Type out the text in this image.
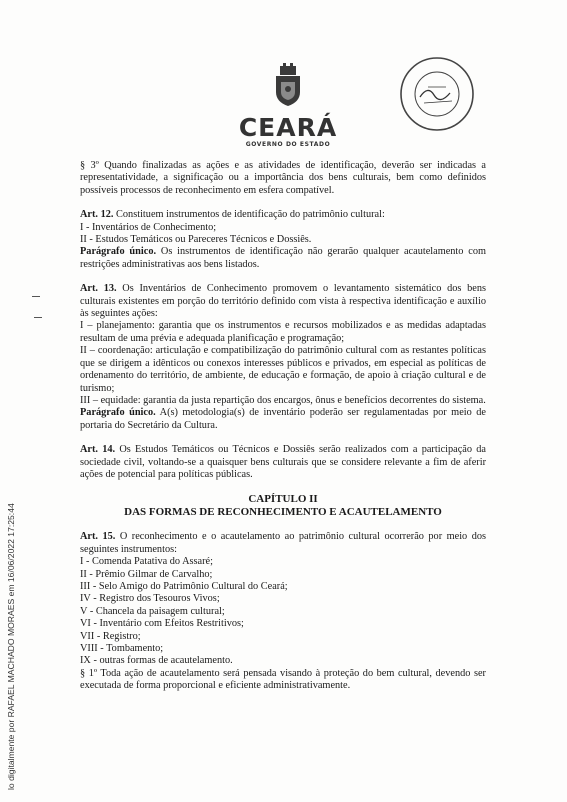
CEARÁ
GOVERNO DO ESTADO

§ 3º Quando finalizadas as ações e as atividades de identificação, deverão ser indicadas a representatividade, a significação ou a importância dos bens culturais, bem como definidos possíveis processos de reconhecimento em esfera compatível.

Art. 12. Constituem instrumentos de identificação do patrimônio cultural:

I - Inventários de Conhecimento;

II - Estudos Temáticos ou Pareceres Técnicos e Dossiês.

Parágrafo único. Os instrumentos de identificação não gerarão qualquer acautelamento com restrições administrativas aos bens listados.

Art. 13. Os Inventários de Conhecimento promovem o levantamento sistemático dos bens culturais existentes em porção do território definido com vista à respectiva identificação e auxílio às seguintes ações:

I – planejamento: garantia que os instrumentos e recursos mobilizados e as medidas adaptadas resultam de uma prévia e adequada planificação e programação;

II – coordenação: articulação e compatibilização do patrimônio cultural com as restantes políticas que se dirigem a idênticos ou conexos interesses públicos e privados, em especial as políticas de ordenamento do território, de ambiente, de educação e formação, de apoio à criação cultural e de turismo;

III – equidade: garantia da justa repartição dos encargos, ônus e benefícios decorrentes do sistema.

Parágrafo único. A(s) metodologia(s) de inventário poderão ser regulamentadas por meio de portaria do Secretário da Cultura.

Art. 14. Os Estudos Temáticos ou Técnicos e Dossiês serão realizados com a participação da sociedade civil, voltando-se a quaisquer bens culturais que se considere relevante a fim de aferir ações de potencial para políticas públicas.

CAPÍTULO II

DAS FORMAS DE RECONHECIMENTO E ACAUTELAMENTO

Art. 15. O reconhecimento e o acautelamento ao patrimônio cultural ocorrerão por meio dos seguintes instrumentos:

I - Comenda Patativa do Assaré;

II - Prêmio Gilmar de Carvalho;

III - Selo Amigo do Patrimônio Cultural do Ceará;

IV - Registro dos Tesouros Vivos;

V - Chancela da paisagem cultural;

VI - Inventário com Efeitos Restritivos;

VII - Registro;

VIII - Tombamento;

IX - outras formas de acautelamento.

§ 1º Toda ação de acautelamento será pensada visando à proteção do bem cultural, devendo ser executada de forma proporcional e eficiente administrativamente.

lo digitalmente por RAFAEL MACHADO MORAES em 16/06/2022 17:25:44
